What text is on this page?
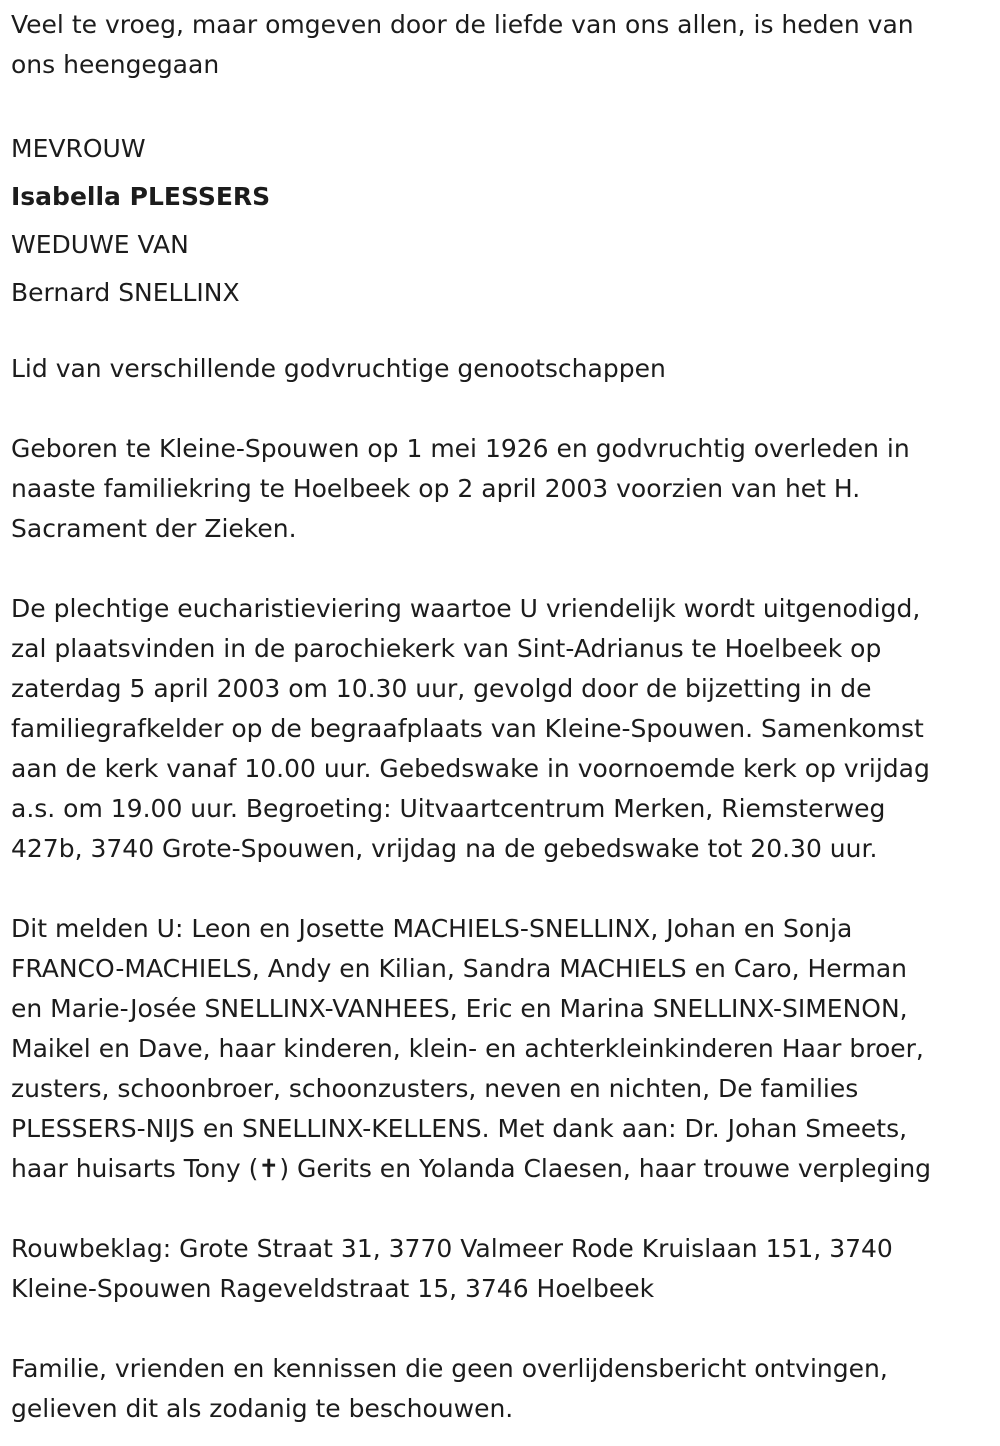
Veel te vroeg, maar omgeven door de liefde van ons allen, is heden van
ons heengegaan
MEVROUW
Isabella PLESSERS
WEDUWE VAN
Bernard SNELLINX
Lid van verschillende godvruchtige genootschappen
Geboren te Kleine-Spouwen op 1 mei 1926 en godvruchtig overleden in
naaste familiekring te Hoelbeek op 2 april 2003 voorzien van het H.
Sacrament der Zieken.
De plechtige eucharistieviering waartoe U vriendelijk wordt uitgenodigd,
zal plaatsvinden in de parochiekerk van Sint-Adrianus te Hoelbeek op
zaterdag 5 april 2003 om 10.30 uur, gevolgd door de bijzetting in de
familiegrafkelder op de begraafplaats van Kleine-Spouwen. Samenkomst
aan de kerk vanaf 10.00 uur. Gebedswake in voornoemde kerk op vrijdag
a.s. om 19.00 uur. Begroeting: Uitvaartcentrum Merken, Riemsterweg
427b, 3740 Grote-Spouwen, vrijdag na de gebedswake tot 20.30 uur.
Dit melden U: Leon en Josette MACHIELS-SNELLINX, Johan en Sonja
FRANCO-MACHIELS, Andy en Kilian, Sandra MACHIELS en Caro, Herman
en Marie-Josée SNELLINX-VANHEES, Eric en Marina SNELLINX-SIMENON,
Maikel en Dave, haar kinderen, klein- en achterkleinkinderen Haar broer,
zusters, schoonbroer, schoonzusters, neven en nichten, De families
PLESSERS-NIJS en SNELLINX-KELLENS. Met dank aan: Dr. Johan Smeets,
haar huisarts Tony (✝) Gerits en Yolanda Claesen, haar trouwe verpleging
Rouwbeklag: Grote Straat 31, 3770 Valmeer Rode Kruislaan 151, 3740
Kleine-Spouwen Rageveldstraat 15, 3746 Hoelbeek
Familie, vrienden en kennissen die geen overlijdensbericht ontvingen,
gelieven dit als zodanig te beschouwen.
